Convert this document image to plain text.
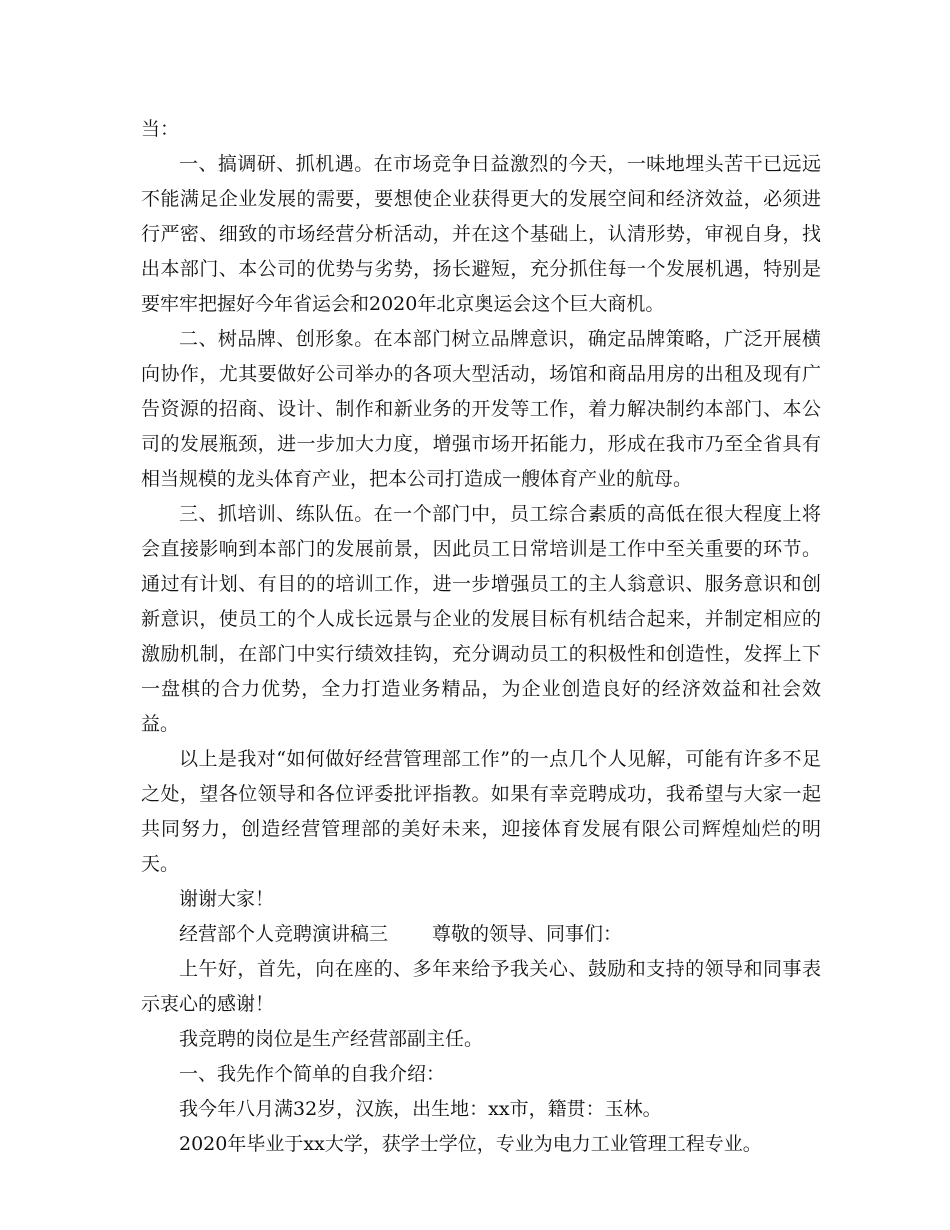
当：

一、搞调研、抓机遇。在市场竞争日益激烈的今天，一味地埋头苦干已远远不能满足企业发展的需要，要想使企业获得更大的发展空间和经济效益，必须进行严密、细致的市场经营分析活动，并在这个基础上，认清形势，审视自身，找出本部门、本公司的优势与劣势，扬长避短，充分抓住每一个发展机遇，特别是要牢牢把握好今年省运会和2020年北京奥运会这个巨大商机。

二、树品牌、创形象。在本部门树立品牌意识，确定品牌策略，广泛开展横向协作，尤其要做好公司举办的各项大型活动，场馆和商品用房的出租及现有广告资源的招商、设计、制作和新业务的开发等工作，着力解决制约本部门、本公司的发展瓶颈，进一步加大力度，增强市场开拓能力，形成在我市乃至全省具有相当规模的龙头体育产业，把本公司打造成一艘体育产业的航母。

三、抓培训、练队伍。在一个部门中，员工综合素质的高低在很大程度上将会直接影响到本部门的发展前景，因此员工日常培训是工作中至关重要的环节。通过有计划、有目的的培训工作，进一步增强员工的主人翁意识、服务意识和创新意识，使员工的个人成长远景与企业的发展目标有机结合起来，并制定相应的激励机制，在部门中实行绩效挂钩，充分调动员工的积极性和创造性，发挥上下一盘棋的合力优势，全力打造业务精品，为企业创造良好的经济效益和社会效益。

以上是我对“如何做好经营管理部工作”的一点几个人见解，可能有许多不足之处，望各位领导和各位评委批评指教。如果有幸竞聘成功，我希望与大家一起共同努力，创造经营管理部的美好未来，迎接体育发展有限公司辉煌灿烂的明天。

谢谢大家！

经营部个人竞聘演讲稿三 尊敬的领导、同事们：

上午好，首先，向在座的、多年来给予我关心、鼓励和支持的领导和同事表示衷心的感谢！

我竞聘的岗位是生产经营部副主任。

一、我先作个简单的自我介绍：

我今年八月满32岁，汉族，出生地：xx市，籍贯：玉林。

2020年毕业于xx大学，获学士学位，专业为电力工业管理工程专业。
